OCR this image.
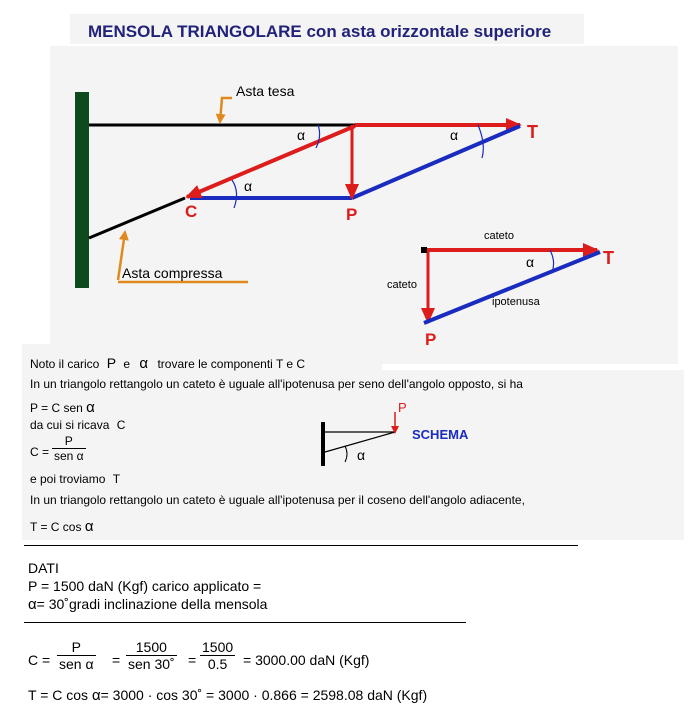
MENSOLA TRIANGOLARE con asta orizzontale superiore
Asta tesa
Asta compressa
α	α
α
C	P
T
cateto
cateto
ipotenusa
α
P
T
Noto il carico P e α trovare le componenti T e C
In un triangolo rettangolo un cateto è uguale all'ipotenusa per seno dell'angolo opposto, si ha
P = C sen α
da cui si ricava C
C =
P
sen α
e poi troviamo T
In un triangolo rettangolo un cateto è uguale all'ipotenusa per il coseno dell'angolo adiacente,
T = C cos α
P
SCHEMA
α
DATI
P = 1500 daN (Kgf) carico applicato =
α= 30˚gradi inclinazione della mensola
C =
P
sen α =
1500
sen 30˚ = $\frac{1500}{0.5} = 3000.00$ daN (Kgf)
T = C cos α= 3000 · cos 30˚ = 3000 · 0.866 = 2598.08 daN (Kgf)
